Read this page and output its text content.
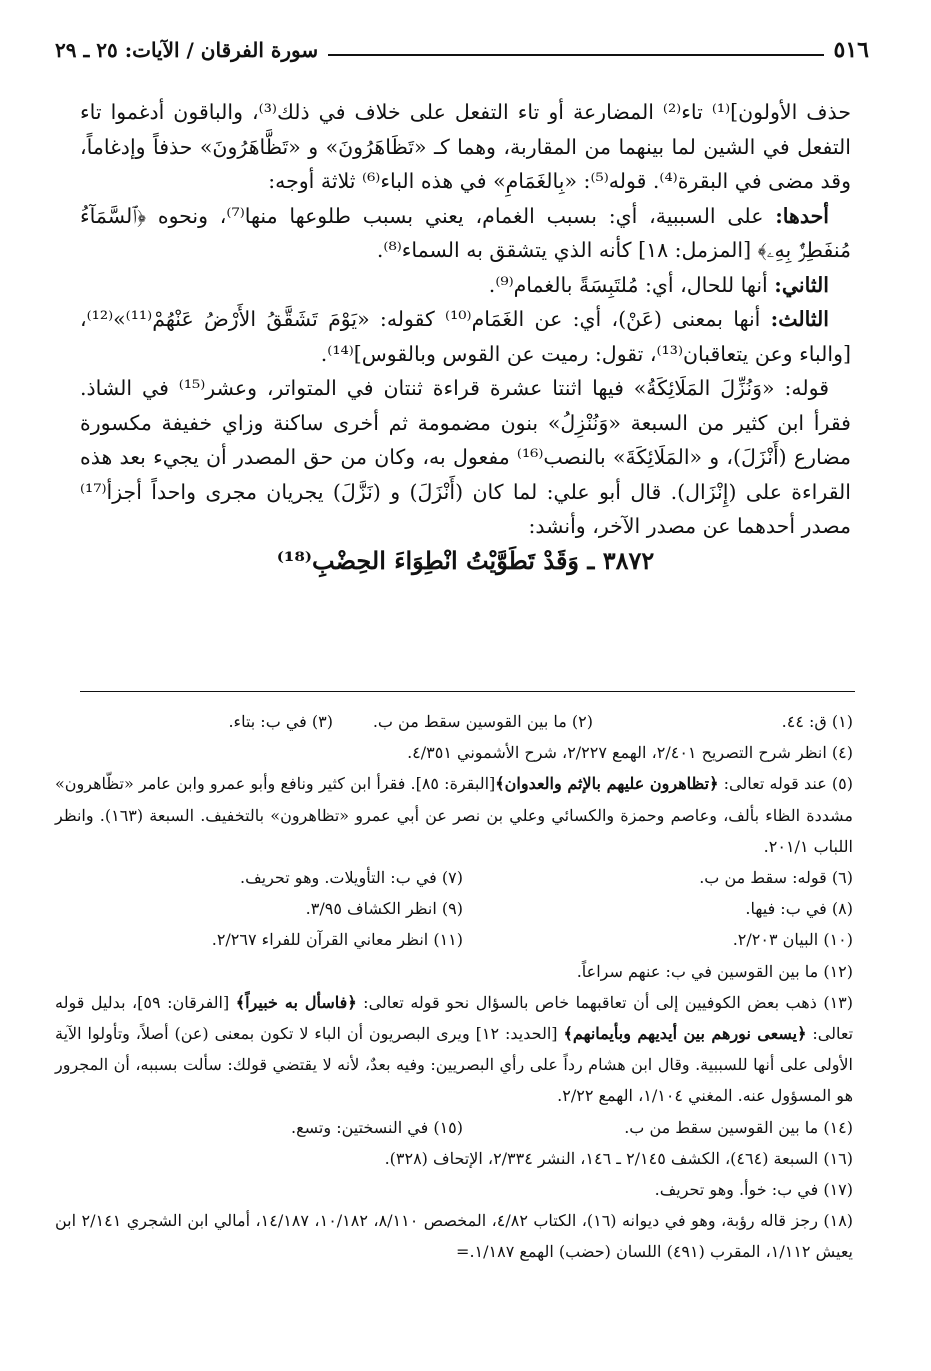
٥١٦
سورة الفرقان / الآيات: ٢٥ ـ ٢٩

حذف الأولون]⁽¹⁾ تاء⁽²⁾ المضارعة أو تاء التفعل على خلاف في ذلك⁽³⁾، والباقون أدغموا تاء التفعل في الشين لما بينهما من المقاربة، وهما كـ «تَظَاهَرُونَ» و «تَظَّاهَرُونَ» حذفاً وإدغاماً، وقد مضى في البقرة⁽⁴⁾. قوله⁽⁵⁾: «بِالغَمَامِ» في هذه الباء⁽⁶⁾ ثلاثة أوجه:

أحدها: على السببية، أي: بسبب الغمام، يعني بسبب طلوعها منها⁽⁷⁾، ونحوه ﴿ٱلسَّمَآءُ مُنفَطِرٌۢ بِهِۦ﴾ [المزمل: ١٨] كأنه الذي يتشقق به السماء⁽⁸⁾.

الثاني: أنها للحال، أي: مُلتَبِسَةً بالغمام⁽⁹⁾.

الثالث: أنها بمعنى (عَنْ)، أي: عن الغَمَام⁽¹⁰⁾ كقوله: «يَوْمَ تَشَقَّقُ الأَرْضُ عَنْهُمْ⁽¹¹⁾»⁽¹²⁾، [والباء وعن يتعاقبان⁽¹³⁾، تقول: رميت عن القوس وبالقوس]⁽¹⁴⁾.

قوله: «وَنُزِّلَ المَلَائِكَةُ» فيها اثنتا عشرة قراءة ثنتان في المتواتر، وعشر⁽¹⁵⁾ في الشاذ. فقرأ ابن كثير من السبعة «وَنُنْزِلُ» بنون مضمومة ثم أخرى ساكنة وزاي خفيفة مكسورة مضارع (أَنْزَلَ)، و «المَلَائِكَةَ» بالنصب⁽¹⁶⁾ مفعول به، وكان من حق المصدر أن يجيء بعد هذه القراءة على (إِنْزَال). قال أبو علي: لما كان (أَنْزَلَ) و (نَزَّلَ) يجريان مجرى واحداً أجزأ⁽¹⁷⁾ مصدر أحدهما عن مصدر الآخر، وأنشد:

٣٨٧٢ ـ وَقَدْ تَطَوَّيْتُ انْطِوَاءَ الحِضْبِ⁽¹⁸⁾

(١) ق: ٤٤.
(٢) ما بين القوسين سقط من ب.
(٣) في ب: بتاء.

(٤) انظر شرح التصريح ٢/٤٠١، الهمع ٢/٢٢٧، شرح الأشموني ٤/٣٥١.

(٥) عند قوله تعالى: ﴿تظاهرون عليهم بالإثم والعدوان﴾[البقرة: ٨٥]. فقرأ ابن كثير ونافع وأبو عمرو وابن عامر «تظّاهرون» مشددة الظاء بألف، وعاصم وحمزة والكسائي وعلي بن نصر عن أبي عمرو «تظاهرون» بالتخفيف. السبعة (١٦٣). وانظر اللباب ٢٠١/١.

(٦) قوله: سقط من ب.
(٧) في ب: التأويلات. وهو تحريف.
(٨) في ب: فيها.
(٩) انظر الكشاف ٣/٩٥.
(١٠) البيان ٢/٢٠٣.
(١١) انظر معاني القرآن للفراء ٢/٢٦٧.

(١٢) ما بين القوسين في ب: عنهم سراعاً.

(١٣) ذهب بعض الكوفيين إلى أن تعاقبهما خاص بالسؤال نحو قوله تعالى: ﴿فاسأل به خبيراً﴾ [الفرقان: ٥٩]، بدليل قوله تعالى: ﴿يسعى نورهم بين أيديهم وبأيمانهم﴾ [الحديد: ١٢] ويرى البصريون أن الباء لا تكون بمعنى (عن) أصلاً، وتأولوا الآية الأولى على أنها للسببية. وقال ابن هشام رداً على رأي البصريين: وفيه بعدٌ، لأنه لا يقتضي قولك: سألت بسببه، أن المجرور هو المسؤول عنه. المغني ١/١٠٤، الهمع ٢/٢٢.

(١٤) ما بين القوسين سقط من ب.
(١٥) في النسختين: وتسع.

(١٦) السبعة (٤٦٤)، الكشف ٢/١٤٥ ـ ١٤٦، النشر ٢/٣٣٤، الإتحاف (٣٢٨).

(١٧) في ب: خوأ. وهو تحريف.

(١٨) رجز قاله رؤبة، وهو في ديوانه (١٦)، الكتاب ٤/٨٢، المخصص ٨/١١٠، ١٠/١٨٢، ١٤/١٨٧، أمالي ابن الشجري ٢/١٤١ ابن يعيش ١/١١٢، المقرب (٤٩١) اللسان (حضب) الهمع ١/١٨٧.=
